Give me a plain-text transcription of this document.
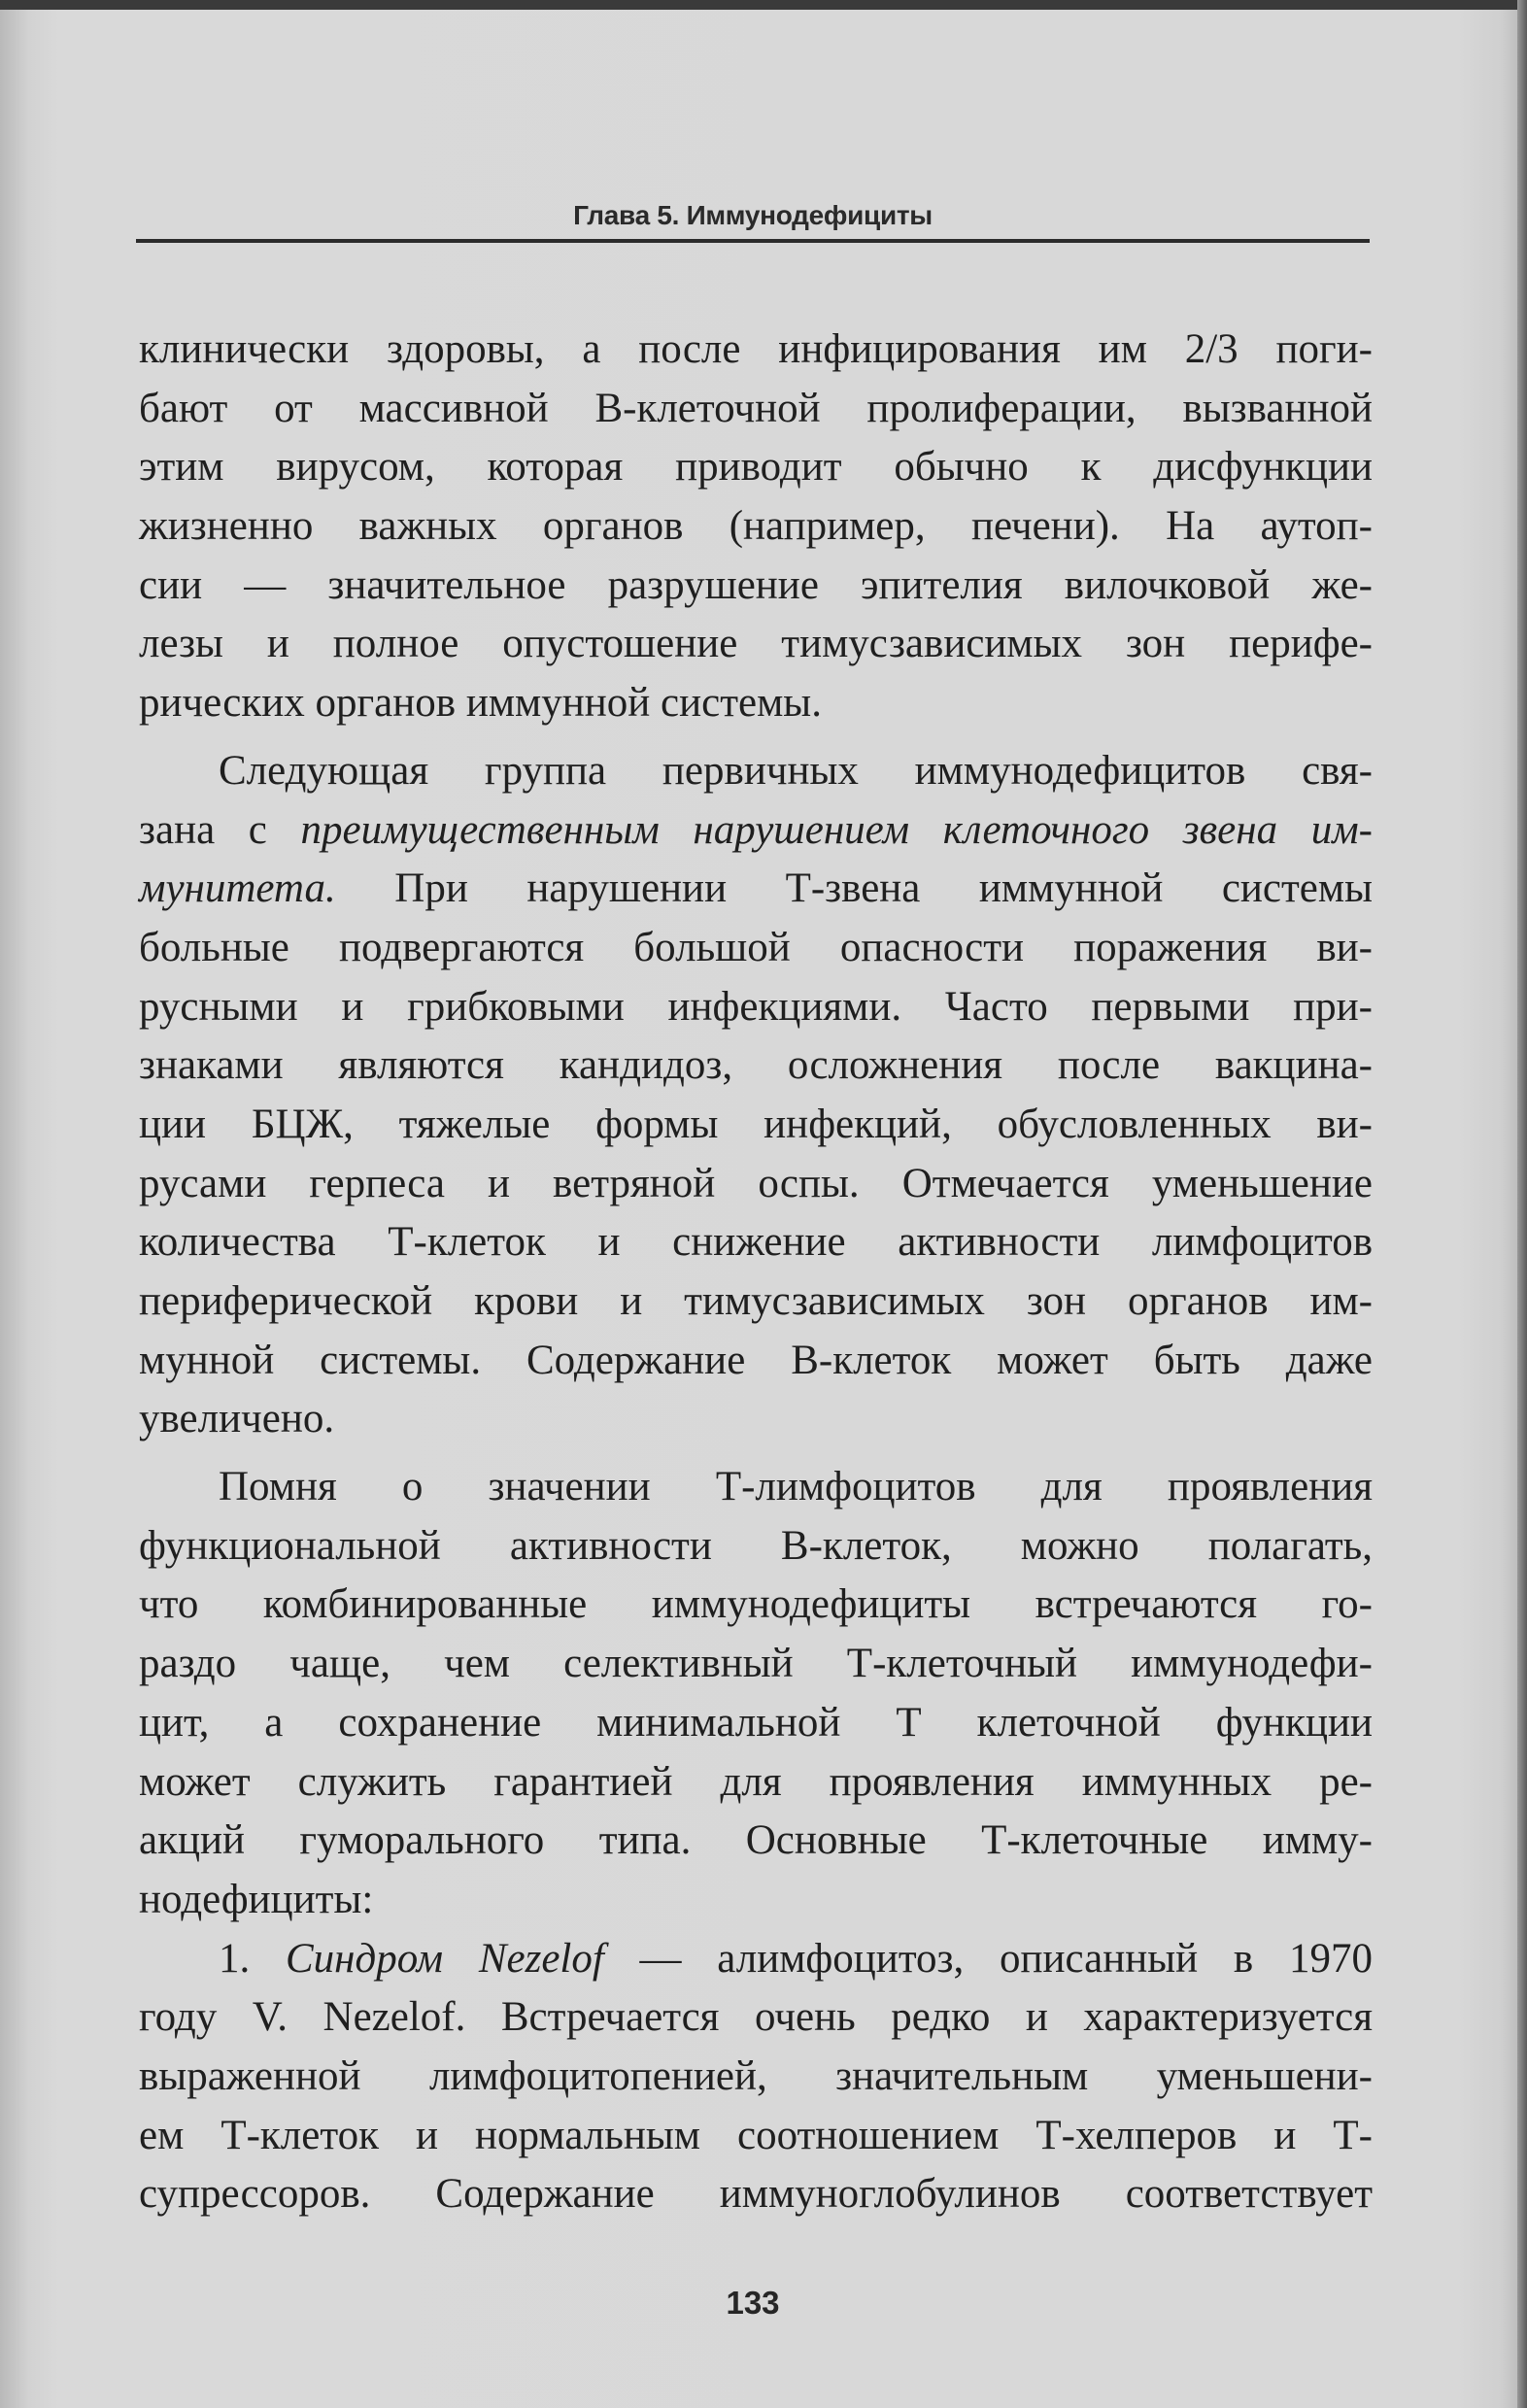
Глава 5. Иммунодефициты
клинически здоровы, а после инфицирования им 2/3 поги-
бают от массивной В-клеточной пролиферации, вызванной
этим вирусом, которая приводит обычно к дисфункции
жизненно важных органов (например, печени). На аутоп-
сии — значительное разрушение эпителия вилочковой же-
лезы и полное опустошение тимусзависимых зон перифе-
рических органов иммунной системы.
Следующая группа первичных иммунодефицитов свя-
зана с преимущественным нарушением клеточного звена им-
мунитета. При нарушении Т-звена иммунной системы
больные подвергаются большой опасности поражения ви-
русными и грибковыми инфекциями. Часто первыми при-
знаками являются кандидоз, осложнения после вакцина-
ции БЦЖ, тяжелые формы инфекций, обусловленных ви-
русами герпеса и ветряной оспы. Отмечается уменьшение
количества Т-клеток и снижение активности лимфоцитов
периферической крови и тимусзависимых зон органов им-
мунной системы. Содержание В-клеток может быть даже
увеличено.
Помня о значении Т-лимфоцитов для проявления
функциональной активности В-клеток, можно полагать,
что комбинированные иммунодефициты встречаются го-
раздо чаще, чем селективный Т-клеточный иммунодефи-
цит, а сохранение минимальной Т клеточной функции
может служить гарантией для проявления иммунных ре-
акций гуморального типа. Основные Т-клеточные имму-
нодефициты:
1. Синдром Nezelof — алимфоцитоз, описанный в 1970
году V. Nezelof. Встречается очень редко и характеризуется
выраженной лимфоцитопенией, значительным уменьшени-
ем Т-клеток и нормальным соотношением Т-хелперов и Т-
супрессоров. Содержание иммуноглобулинов соответствует
133
